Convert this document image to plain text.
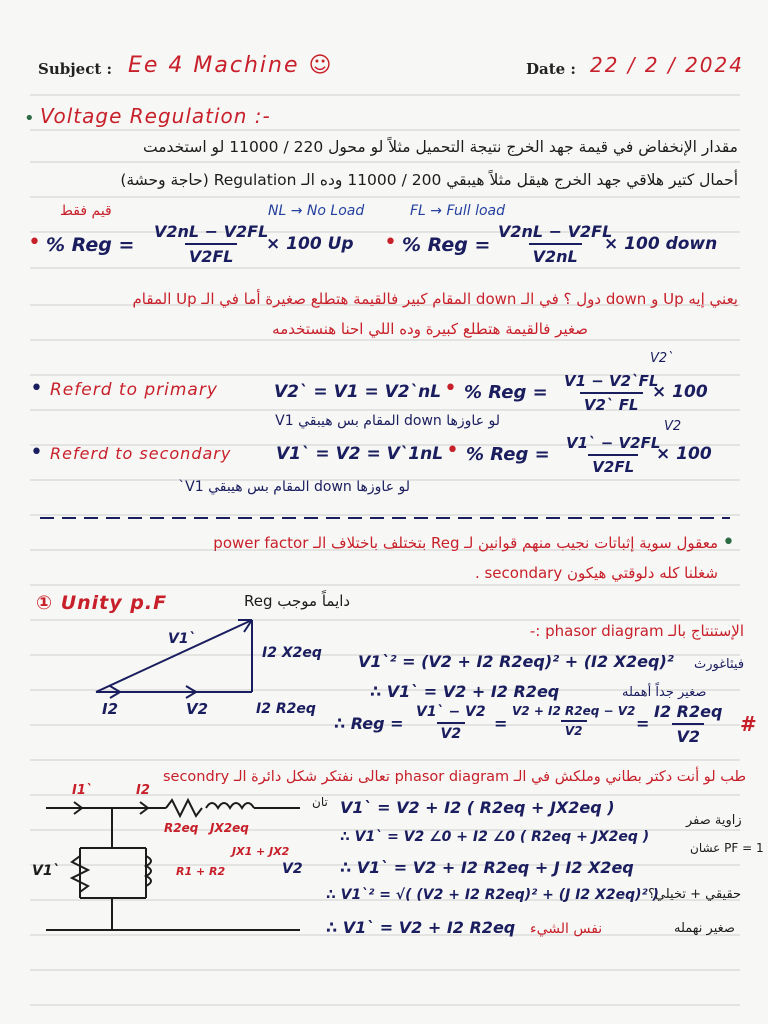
Subject : Ee 4 Machine ☺	Date : 22 / 2 / 2024
• Voltage Regulation :-
مقدار الإنخفاض في قيمة جهد الخرج نتيجة التحميل مثلاً لو محول 220 / 11000 لو استخدمت
أحمال كتير هلاقي جهد الخرج هيقل مثلاً هيبقي 200 / 11000 وده الـ Regulation (حاجة وحشة)
قيم فقط	NL → No Load	FL → Full load
• % Reg = $\frac{V2nL - V2FL}{V2FL}$
× 100 Up • % Reg = $\frac{V2nL - V2FL}{V2nL}$
× 100 down
يعني إيه Up و down دول ؟ في الـ down المقام كبير فالقيمة هتطلع صغيرة أما في الـ Up المقام
صغير فالقيمة هتطلع كبيرة وده اللي احنا هنستخدمه
• Referd to primary	V2` = V1 = V2`nL • % Reg = $\frac{V1 - V2`FL}{V2` FL}$
× 100
V2`
لو عاوزها down المقام بس هيبقي V1
• Referd to secondary	V1` = V2 = V`1nL • % Reg = $\frac{V1` - V2FL}{V2FL}$
× 100
V2
لو عاوزها down المقام بس هيبقي V1`
•
معقول سوية إثباتات نجيب منهم قوانين لـ Reg بتختلف باختلاف الـ power factor
شغلنا كله دلوقتي هيكون secondary .
① Unity p.F	Reg دايماً موجب
V1`
I2 X2eq
I2	V2	I2 R2eq
الإستنتاج بالـ phasor diagram :-
فيثاغورث
V1`² = (V2 + I2 R2eq)² + (I2 X2eq)²
∴ V1` = V2 + I2 R2eq	صغير جداً أهمله
∴ Reg = $\frac{V1` - V2}{V2} = \frac{V2 + I2 R2eq - V2}{V2}$
= $\frac{I2 R2eq}{V2}$ #
طب لو أنت دكتر بطاني وملكش في الـ phasor diagram تعالى نفتكر شكل دائرة الـ secondry
I1`	I2
R2eq JX2eq
JX1 + JX2
R1 + R2
V1`	V2
تان V1` = V2 + I2 ( R2eq + JX2eq )
∴ V1` = V2 ∠0 + I2 ∠0 ( R2eq + JX2eq )
∴ V1` = V2 + I2 R2eq + J I2 X2eq
∴ V1`² = √( (V2 + I2 R2eq)² + (J I2 X2eq)² )
∴ V1` = V2 + I2 R2eq نفس الشيء
زاوية صفر
عشان PF = 1
حقيقي + تخيلي؟
صغير نهمله
